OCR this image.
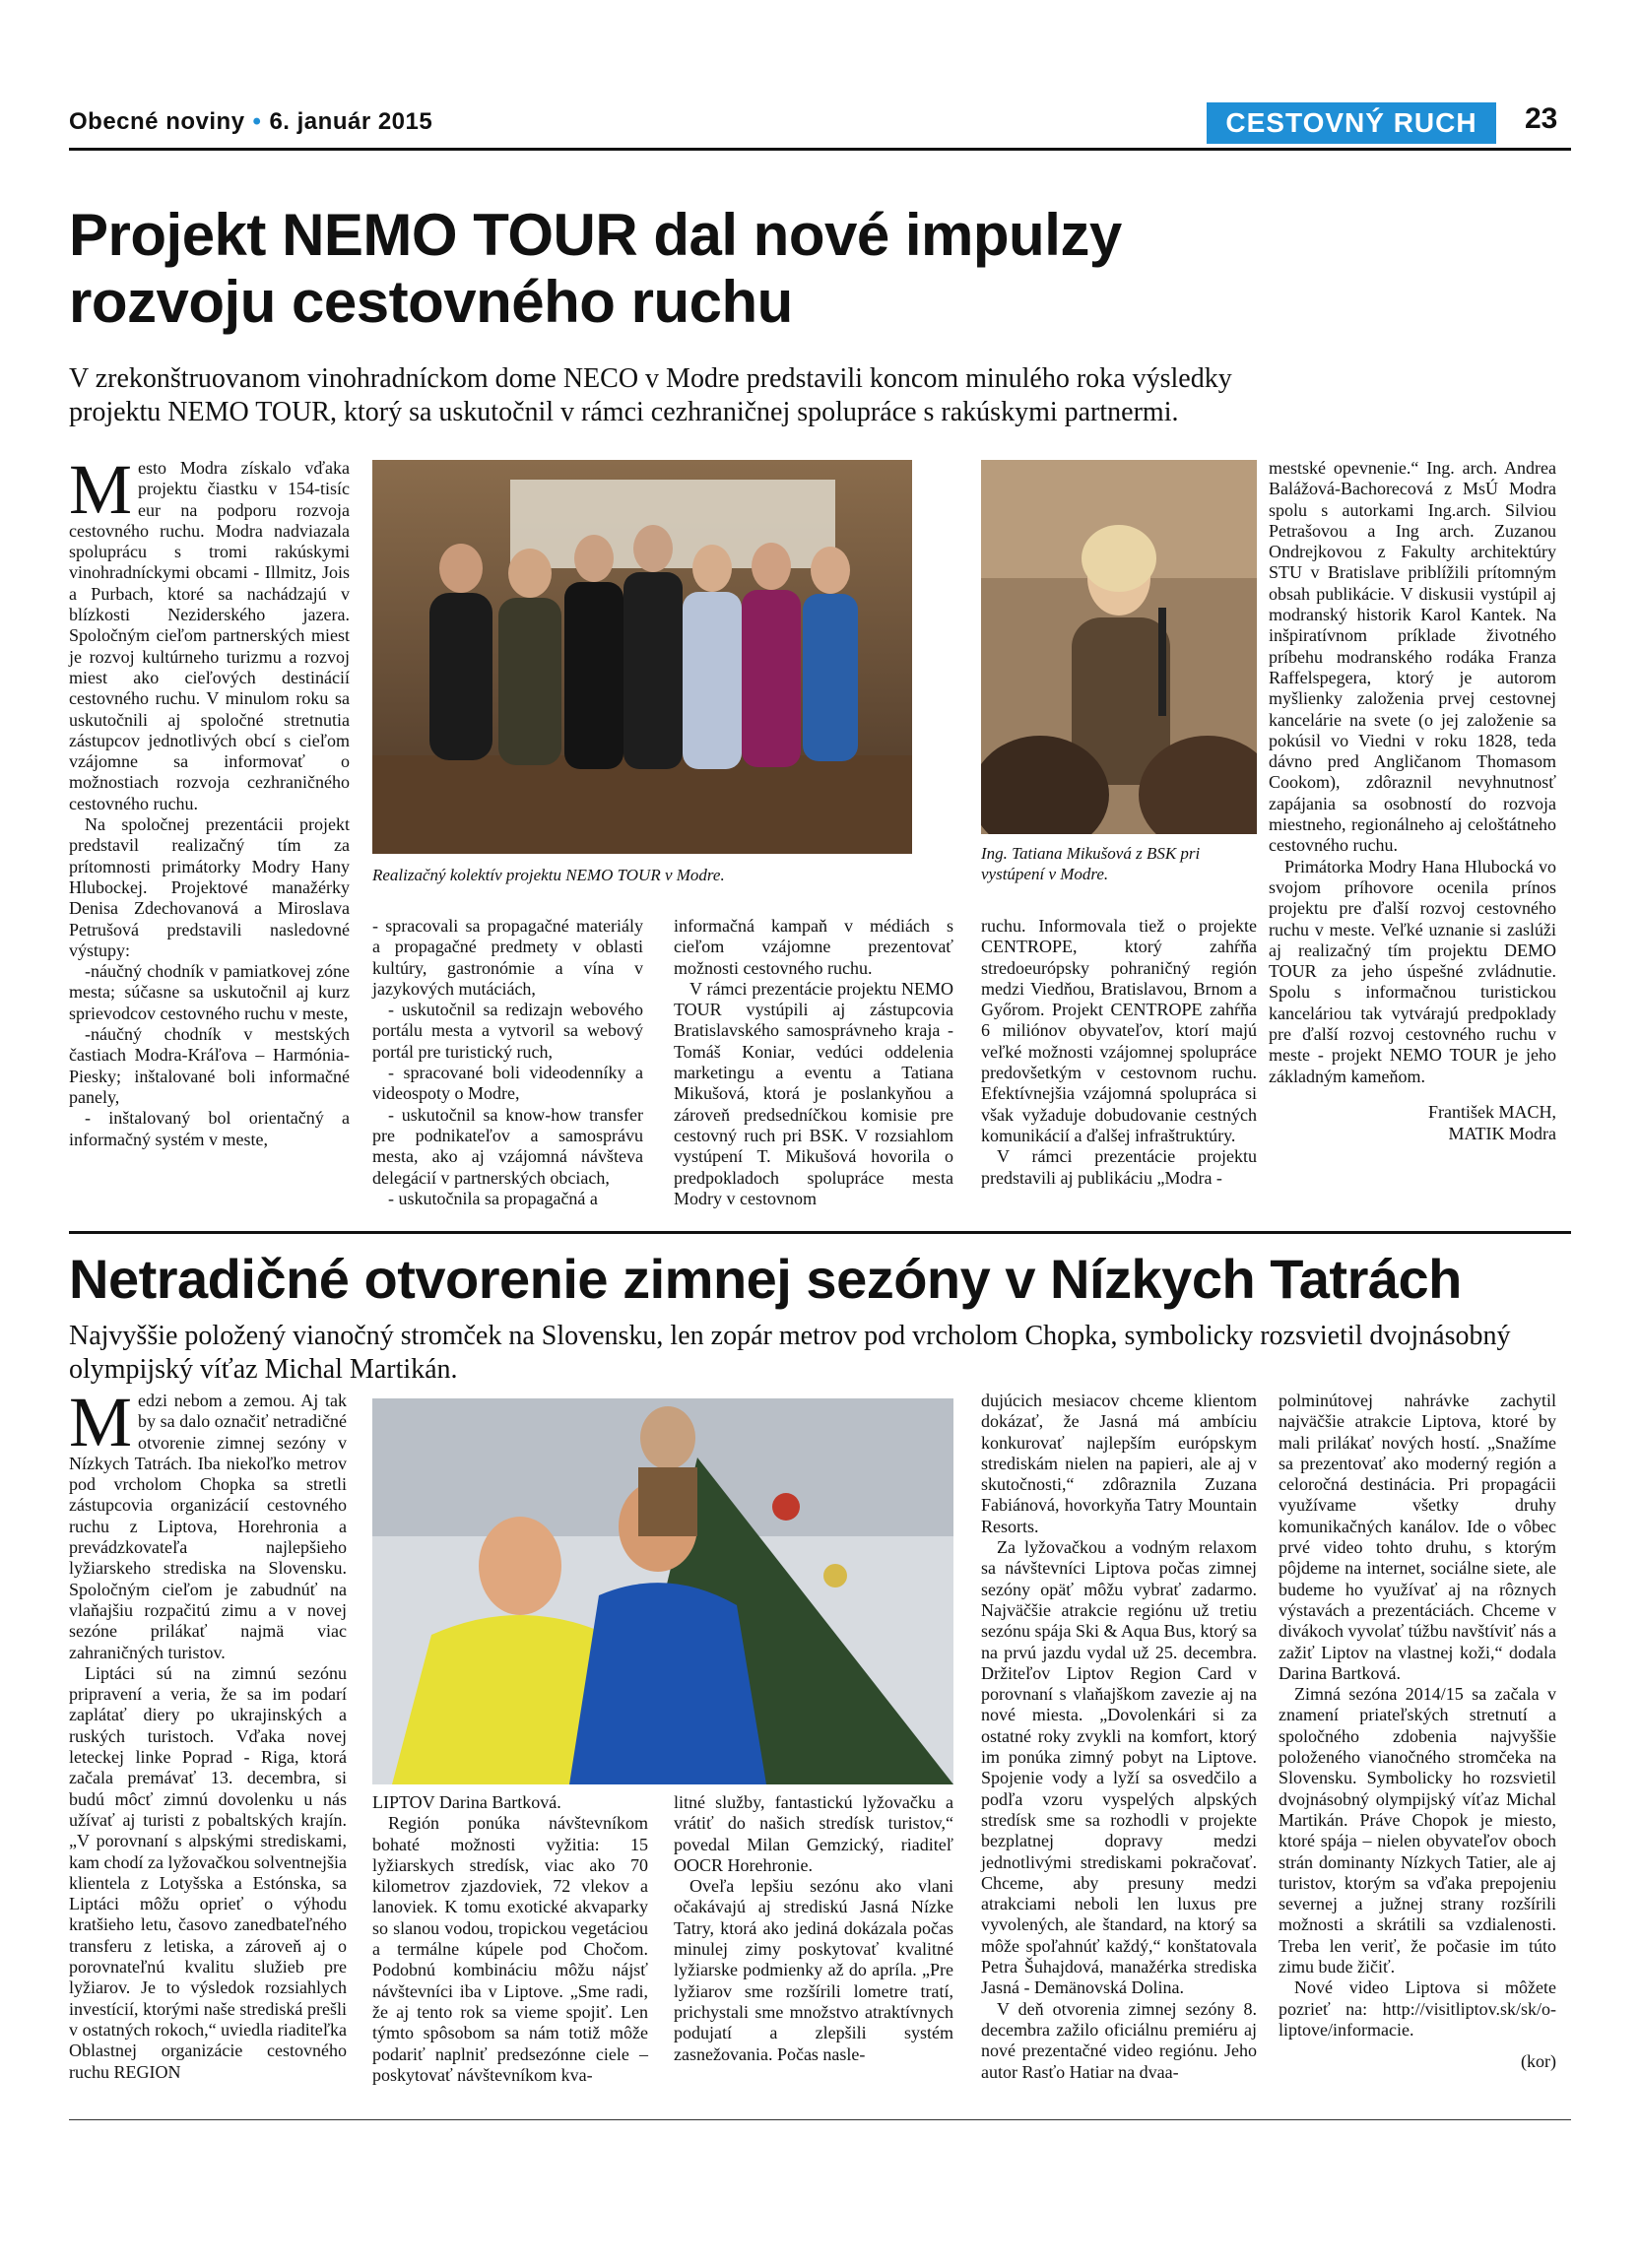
Obecné noviny • 6. január 2015	CESTOVNÝ RUCH	23
Projekt NEMO TOUR dal nové impulzy
rozvoju cestovného ruchu
V zrekonštruovanom vinohradníckom dome NECO v Modre predstavili koncom minulého roka výsledky
projektu NEMO TOUR, ktorý sa uskutočnil v rámci cezhraničnej spolupráce s rakúskymi partnermi.

Mesto Modra získalo vďaka projektu čiastku v 154-tisíc eur na podporu rozvoja cestovného ruchu. Modra nadviazala spoluprácu s tromi rakúskymi vinohradníckymi obcami - Illmitz, Jois a Purbach, ktoré sa nachádzajú v blízkosti Neziderského jazera. Spoločným cieľom partnerských miest je rozvoj kultúrneho turizmu a rozvoj miest ako cieľových destinácií cestovného ruchu. V minulom roku sa uskutočnili aj spoločné stretnutia zástupcov jednotlivých obcí s cieľom vzájomne sa informovať o možnostiach rozvoja cezhraničného cestovného ruchu.

Na spoločnej prezentácii projekt predstavil realizačný tím za prítomnosti primátorky Modry Hany Hlubockej. Projektové manažérky Denisa Zdechovanová a Miroslava Petrušová predstavili nasledovné výstupy:

-náučný chodník v pamiatkovej zóne mesta; súčasne sa uskutočnil aj kurz sprievodcov cestovného ruchu v meste,

-náučný chodník v mestských častiach Modra-Kráľova – Harmónia-Piesky; inštalované boli informačné panely,

- inštalovaný bol orientačný a informačný systém v meste,

Realizačný kolektív projektu NEMO TOUR v Modre.
Ing. Tatiana Mikušová z BSK pri vystúpení v Modre.

mestské opevnenie.“ Ing. arch. Andrea Balážová-Bachorecová z MsÚ Modra spolu s autorkami Ing.arch. Silviou Petrašovou a Ing arch. Zuzanou Ondrejkovou z Fakulty architektúry STU v Bratislave priblížili prítomným obsah publikácie. V diskusii vystúpil aj modranský historik Karol Kantek. Na inšpiratívnom príklade životného príbehu modranského rodáka Franza Raffelspegera, ktorý je autorom myšlienky založenia prvej cestovnej kancelárie na svete (o jej založenie sa pokúsil vo Viedni v roku 1828, teda dávno pred Angličanom Thomasom Cookom), zdôraznil nevyhnutnosť zapájania sa osobností do rozvoja miestneho, regionálneho aj celoštátneho cestovného ruchu.

Primátorka Modry Hana Hlubocká vo svojom príhovore ocenila prínos projektu pre ďalší rozvoj cestovného ruchu v meste. Veľké uznanie si zaslúži aj realizačný tím projektu DEMO TOUR za jeho úspešné zvládnutie. Spolu s informačnou turistickou kanceláriou tak vytvárajú predpoklady pre ďalší rozvoj cestovného ruchu v meste - projekt NEMO TOUR je jeho základným kameňom.

František MACH,
MATIK Modra

- spracovali sa propagačné materiály a propagačné predmety v oblasti kultúry, gastronómie a vína v jazykových mutáciách,

- uskutočnil sa redizajn webového portálu mesta a vytvoril sa webový portál pre turistický ruch,

- spracované boli videodenníky a videospoty o Modre,

- uskutočnil sa know-how transfer pre podnikateľov a samosprávu mesta, ako aj vzájomná návšteva delegácií v partnerských obciach,

- uskutočnila sa propagačná a

informačná kampaň v médiách s cieľom vzájomne prezentovať možnosti cestovného ruchu.

V rámci prezentácie projektu NEMO TOUR vystúpili aj zástupcovia Bratislavského samosprávneho kraja - Tomáš Koniar, vedúci oddelenia marketingu a eventu a Tatiana Mikušová, ktorá je poslankyňou a zároveň predsedníčkou komisie pre cestovný ruch pri BSK. V rozsiahlom vystúpení T. Mikušová hovorila o predpokladoch spolupráce mesta Modry v cestovnom

ruchu. Informovala tiež o projekte CENTROPE, ktorý zahŕňa stredoeurópsky pohraničný región medzi Viedňou, Bratislavou, Brnom a Győrom. Projekt CENTROPE zahŕňa 6 miliónov obyvateľov, ktorí majú veľké možnosti vzájomnej spolupráce predovšetkým v cestovnom ruchu. Efektívnejšia vzájomná spolupráca si však vyžaduje dobudovanie cestných komunikácií a ďalšej infraštruktúry.

V rámci prezentácie projektu predstavili aj publikáciu „Modra -

Netradičné otvorenie zimnej sezóny v Nízkych Tatrách
Najvyššie položený vianočný stromček na Slovensku, len zopár metrov pod vrcholom Chopka, symbolicky rozsvietil dvojnásobný
olympijský víťaz Michal Martikán.

Medzi nebom a zemou. Aj tak by sa dalo označiť netradičné otvorenie zimnej sezóny v Nízkych Tatrách. Iba niekoľko metrov pod vrcholom Chopka sa stretli zástupcovia organizácií cestovného ruchu z Liptova, Horehronia a prevádzkovateľa najlepšieho lyžiarskeho strediska na Slovensku. Spoločným cieľom je zabudnúť na vlaňajšiu rozpačitú zimu a v novej sezóne prilákať najmä viac zahraničných turistov.

Liptáci sú na zimnú sezónu pripravení a veria, že sa im podarí zaplátať diery po ukrajinských a ruských turistoch. Vďaka novej leteckej linke Poprad - Riga, ktorá začala premávať 13. decembra, si budú môcť zimnú dovolenku u nás užívať aj turisti z pobaltských krajín. „V porovnaní s alpskými strediskami, kam chodí za lyžovačkou solventnejšia klientela z Lotyšska a Estónska, sa Liptáci môžu oprieť o výhodu kratšieho letu, časovo zanedbateľného transferu z letiska, a zároveň aj o porovnateľnú kvalitu služieb pre lyžiarov. Je to výsledok rozsiahlych investícií, ktorými naše strediská prešli v ostatných rokoch,“ uviedla riaditeľka Oblastnej organizácie cestovného ruchu REGION

LIPTOV Darina Bartková.

Región ponúka návštevníkom bohaté možnosti vyžitia: 15 lyžiarskych stredísk, viac ako 70 kilometrov zjazdoviek, 72 vlekov a lanoviek. K tomu exotické akvaparky so slanou vodou, tropickou vegetáciou a termálne kúpele pod Chočom. Podobnú kombináciu môžu nájsť návštevníci iba v Liptove. „Sme radi, že aj tento rok sa vieme spojiť. Len týmto spôsobom sa nám totiž môže podariť naplniť predsezónne ciele – poskytovať návštevníkom kva-

litné služby, fantastickú lyžovačku a vrátiť do našich stredísk turistov,“ povedal Milan Gemzický, riaditeľ OOCR Horehronie.

Oveľa lepšiu sezónu ako vlani očakávajú aj strediskú Jasná Nízke Tatry, ktorá ako jediná dokázala počas minulej zimy poskytovať kvalitné lyžiarske podmienky až do apríla. „Pre lyžiarov sme rozšírili lometre tratí, prichystali sme množstvo atraktívnych podujatí a zlepšili systém zasnežovania. Počas nasle-

dujúcich mesiacov chceme klientom dokázať, že Jasná má ambíciu konkurovať najlepším európskym strediskám nielen na papieri, ale aj v skutočnosti,“ zdôraznila Zuzana Fabiánová, hovorkyňa Tatry Mountain Resorts.

Za lyžovačkou a vodným relaxom sa návštevníci Liptova počas zimnej sezóny opäť môžu vybrať zadarmo. Najväčšie atrakcie regiónu už tretiu sezónu spája Ski & Aqua Bus, ktorý sa na prvú jazdu vydal už 25. decembra. Držiteľov Liptov Region Card v porovnaní s vlaňajškom zavezie aj na nové miesta. „Dovolenkári si za ostatné roky zvykli na komfort, ktorý im ponúka zimný pobyt na Liptove. Spojenie vody a lyží sa osvedčilo a podľa vzoru vyspelých alpských stredísk sme sa rozhodli v projekte bezplatnej dopravy medzi jednotlivými strediskami pokračovať. Chceme, aby presuny medzi atrakciami neboli len luxus pre vyvolených, ale štandard, na ktorý sa môže spoľahnúť každý,“ konštatovala Petra Šuhajdová, manažérka strediska Jasná - Demänovská Dolina.

V deň otvorenia zimnej sezóny 8. decembra zažilo oficiálnu premiéru aj nové prezentačné video regiónu. Jeho autor Rasťo Hatiar na dvaa-

polminútovej nahrávke zachytil najväčšie atrakcie Liptova, ktoré by mali prilákať nových hostí. „Snažíme sa prezentovať ako moderný región a celoročná destinácia. Pri propagácii využívame všetky druhy komunikačných kanálov. Ide o vôbec prvé video tohto druhu, s ktorým pôjdeme na internet, sociálne siete, ale budeme ho využívať aj na rôznych výstavách a prezentáciách. Chceme v divákoch vyvolať túžbu navštíviť nás a zažiť Liptov na vlastnej koži,“ dodala Darina Bartková.

Zimná sezóna 2014/15 sa začala v znamení priateľských stretnutí a spoločného zdobenia najvyššie položeného vianočného stromčeka na Slovensku. Symbolicky ho rozsvietil dvojnásobný olympijský víťaz Michal Martikán. Práve Chopok je miesto, ktoré spája – nielen obyvateľov oboch strán dominanty Nízkych Tatier, ale aj turistov, ktorým sa vďaka prepojeniu severnej a južnej strany rozšírili možnosti a skrátili sa vzdialenosti. Treba len veriť, že počasie im túto zimu bude žičiť.

Nové video Liptova si môžete pozrieť na: http://visitliptov.sk/sk/o-liptove/informacie.

(kor)
